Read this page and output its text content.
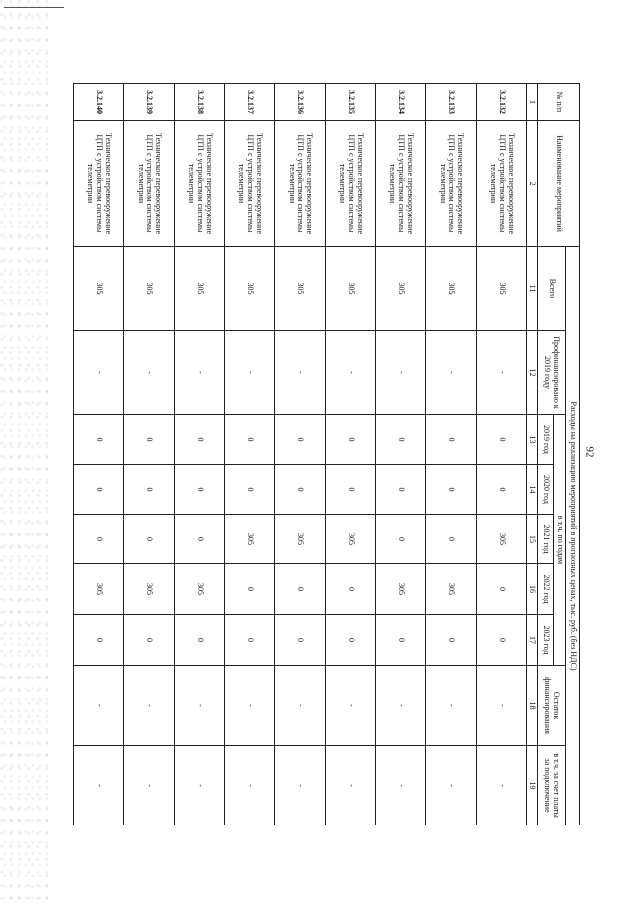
92
№ п/п	Наименование мероприятий	Расходы на реализацию мероприятий в прогнозных ценах, тыс. руб. (без НДС)								
		Всего	Профинансировано к 2019 году	в т.ч. по годам					Остаток финансирования	в т.ч. за счет платы за подключение
				2019 год	2020 год	2021 год	2022 год	2023 год		
1	2	11	12	13	14	15	16	17	18	19
3.2.132	Техническое перевооружение ЦТП с устройством системы телеметрии	305	-	0	0	305	0	0	-	-
3.2.133	Техническое перевооружение ЦТП с устройством системы телеметрии	305	-	0	0	0	305	0	-	-
3.2.134	Техническое перевооружение ЦТП с устройством системы телеметрии	305	-	0	0	0	305	0	-	-
3.2.135	Техническое перевооружение ЦТП с устройством системы телеметрии	305	-	0	0	305	0	0	-	-
3.2.136	Техническое перевооружение ЦТП с устройством системы телеметрии	305	-	0	0	305	0	0	-	-
3.2.137	Техническое перевооружение ЦТП с устройством системы телеметрии	305	-	0	0	305	0	0	-	-
3.2.138	Техническое перевооружение ЦТП с устройством системы телеметрии	305	-	0	0	0	305	0	-	-
3.2.139	Техническое перевооружение ЦТП с устройством системы телеметрии	305	-	0	0	0	305	0	-	-
3.2.140	Техническое перевооружение ЦТП с устройством системы телеметрии	305	-	0	0	0	305	0	-	-
